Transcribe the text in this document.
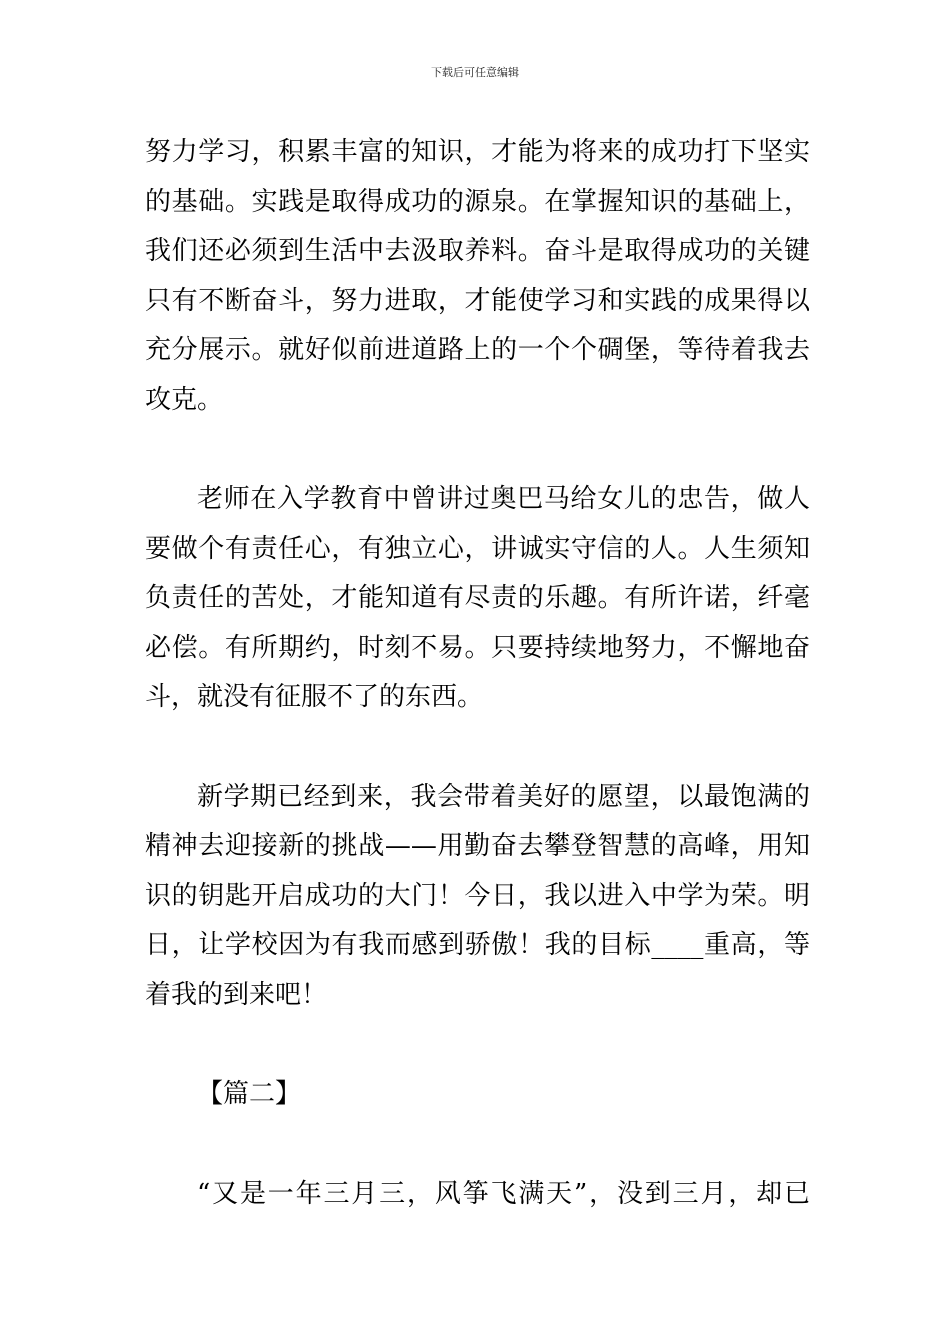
下载后可任意编辑
努力学习，积累丰富的知识，才能为将来的成功打下坚实
的基础。实践是取得成功的源泉。在掌握知识的基础上，
我们还必须到生活中去汲取养料。奋斗是取得成功的关键
只有不断奋斗，努力进取，才能使学习和实践的成果得以
充分展示。就好似前进道路上的一个个碉堡，等待着我去
攻克。
老师在入学教育中曾讲过奥巴马给女儿的忠告，做人
要做个有责任心，有独立心，讲诚实守信的人。人生须知
负责任的苦处，才能知道有尽责的乐趣。有所许诺，纤毫
必偿。有所期约，时刻不易。只要持续地努力，不懈地奋
斗，就没有征服不了的东西。
新学期已经到来，我会带着美好的愿望，以最饱满的
精神去迎接新的挑战——用勤奋去攀登智慧的高峰，用知
识的钥匙开启成功的大门！今日，我以进入中学为荣。明
日，让学校因为有我而感到骄傲！我的目标____重高，等
着我的到来吧！
【篇二】
“又是一年三月三，风筝飞满天”，没到三月，却已
